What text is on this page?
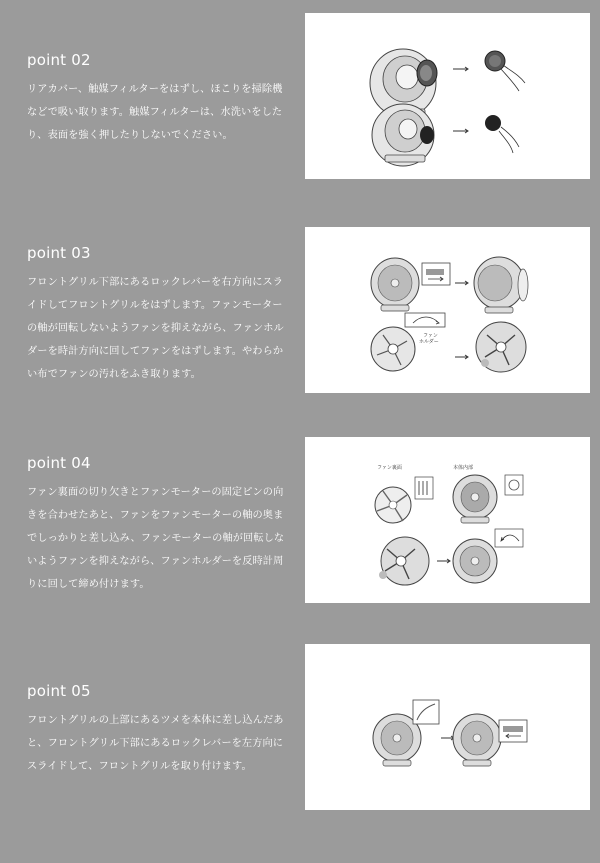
point 02
リアカバー、触媒フィルターをはずし、ほこりを掃除機
などで吸い取ります。触媒フィルターは、水洗いをした
り、表面を強く押したりしないでください。
point 03
フロントグリル下部にあるロックレバーを右方向にスラ
イドしてフロントグリルをはずします。ファンモーター
の軸が回転しないようファンを抑えながら、ファンホル
ダーを時計方向に回してファンをはずします。やわらか
い布でファンの汚れをふき取ります。
ファンホルダー
point 04
ファン裏面の切り欠きとファンモーターの固定ピンの向
きを合わせたあと、ファンをファンモーターの軸の奥ま
でしっかりと差し込み、ファンモーターの軸が回転しな
いようファンを抑えながら、ファンホルダーを反時計周
りに回して締め付けます。
ファン裏面	本体内部
point 05
フロントグリルの上部にあるツメを本体に差し込んだあ
と、フロントグリル下部にあるロックレバーを左方向に
スライドして、フロントグリルを取り付けます。
